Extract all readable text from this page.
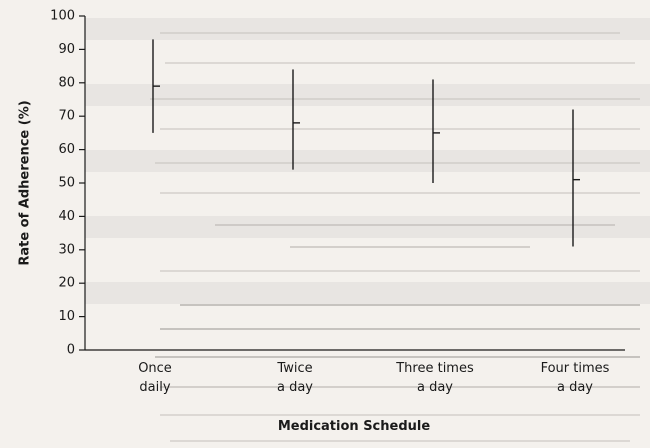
0
10
20
30
40
50
60
70
80
90
100
Once
daily
Twice
a day
Three times
a day
Four times
a day
Rate of Adherence (%)
Medication Schedule
